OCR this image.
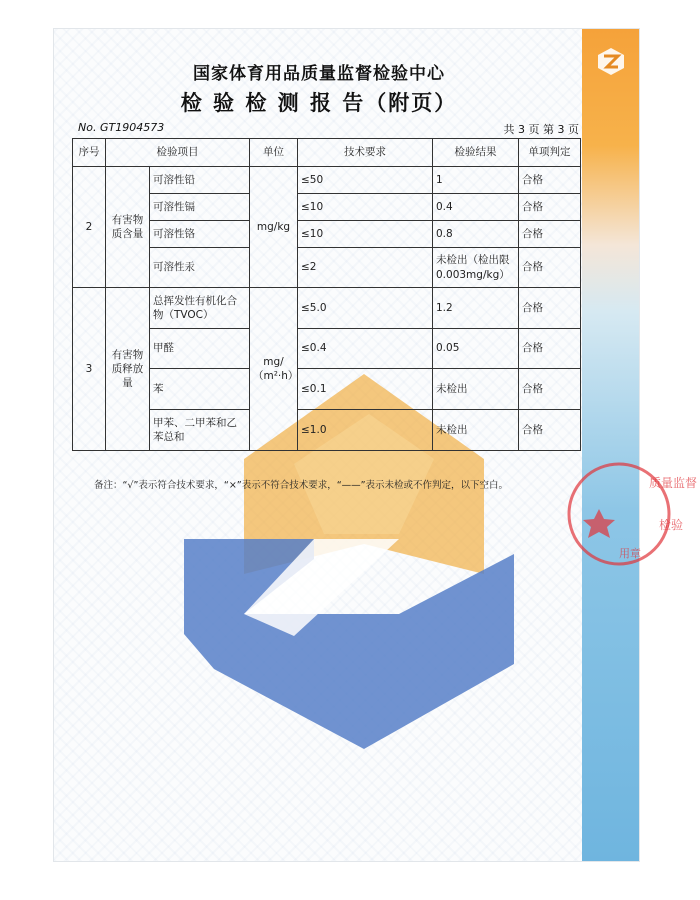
质量监督
检验
用章
国家体育用品质量监督检验中心
检 验 检 测 报 告（附页）
No. GT1904573	共 3 页 第 3 页
序号	检验项目		单位	技术要求	检验结果	单项判定
2	有害物质含量	可溶性铅	mg/kg	≤50	1	合格
		可溶性镉		≤10	0.4	合格
		可溶性铬		≤10	0.8	合格
		可溶性汞		≤2	未检出（检出限0.003mg/kg）	合格
3	有害物质释放量	总挥发性有机化合物（TVOC）	mg/（m²·h）	≤5.0	1.2	合格
		甲醛		≤0.4	0.05	合格
		苯		≤0.1	未检出	合格
		甲苯、二甲苯和乙苯总和		≤1.0	未检出	合格
备注：“√”表示符合技术要求，“×”表示不符合技术要求，“——”表示未检或不作判定，以下空白。
